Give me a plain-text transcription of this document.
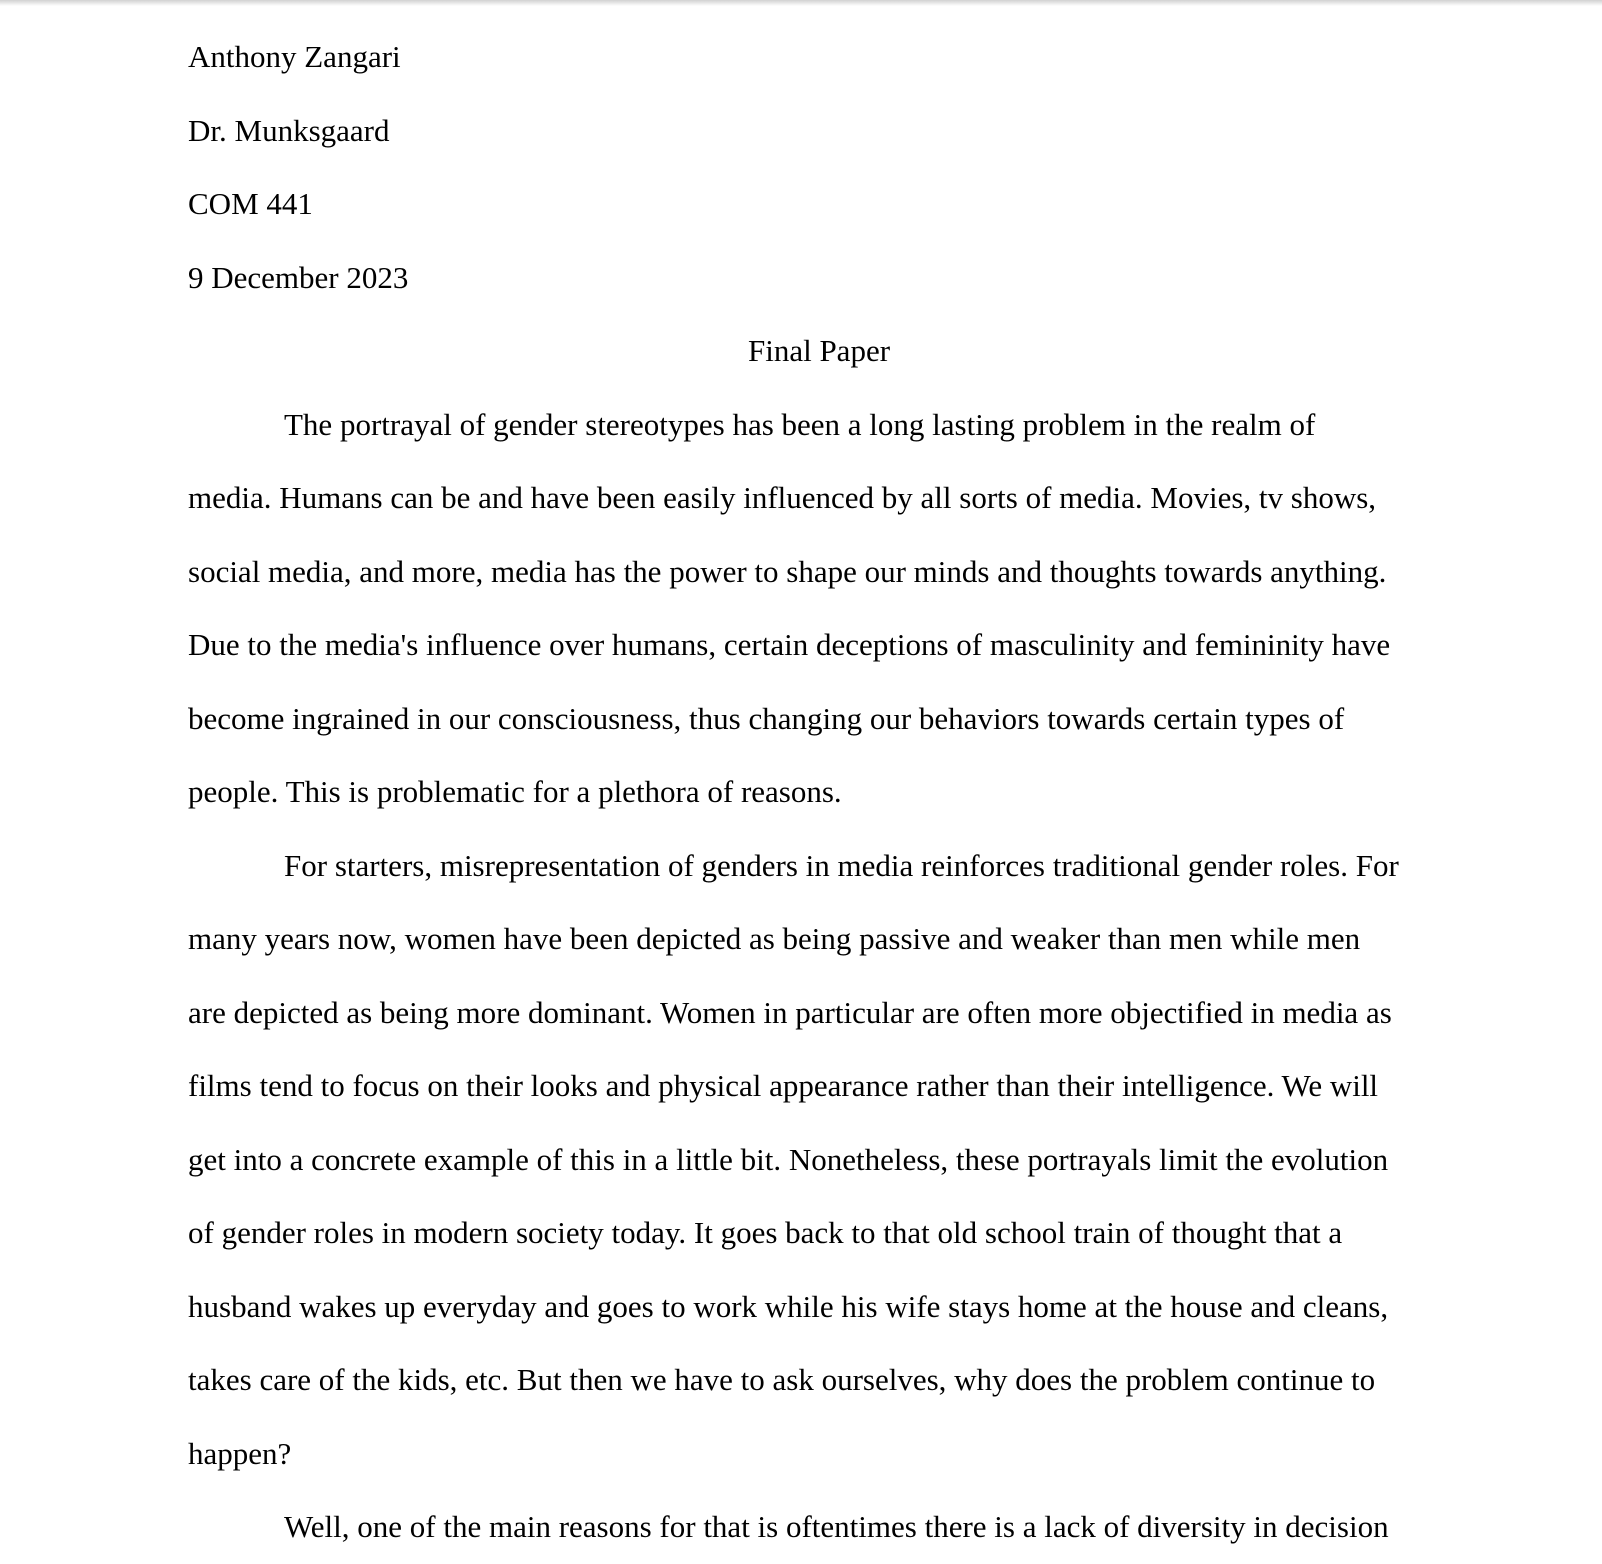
Anthony Zangari
Dr. Munksgaard
COM 441
9 December 2023
Final Paper
The portrayal of gender stereotypes has been a long lasting problem in the realm of
media. Humans can be and have been easily influenced by all sorts of media. Movies, tv shows,
social media, and more, media has the power to shape our minds and thoughts towards anything.
Due to the media's influence over humans, certain deceptions of masculinity and femininity have
become ingrained in our consciousness, thus changing our behaviors towards certain types of
people. This is problematic for a plethora of reasons.
For starters, misrepresentation of genders in media reinforces traditional gender roles. For
many years now, women have been depicted as being passive and weaker than men while men
are depicted as being more dominant. Women in particular are often more objectified in media as
films tend to focus on their looks and physical appearance rather than their intelligence. We will
get into a concrete example of this in a little bit. Nonetheless, these portrayals limit the evolution
of gender roles in modern society today. It goes back to that old school train of thought that a
husband wakes up everyday and goes to work while his wife stays home at the house and cleans,
takes care of the kids, etc. But then we have to ask ourselves, why does the problem continue to
happen?
Well, one of the main reasons for that is oftentimes there is a lack of diversity in decision
